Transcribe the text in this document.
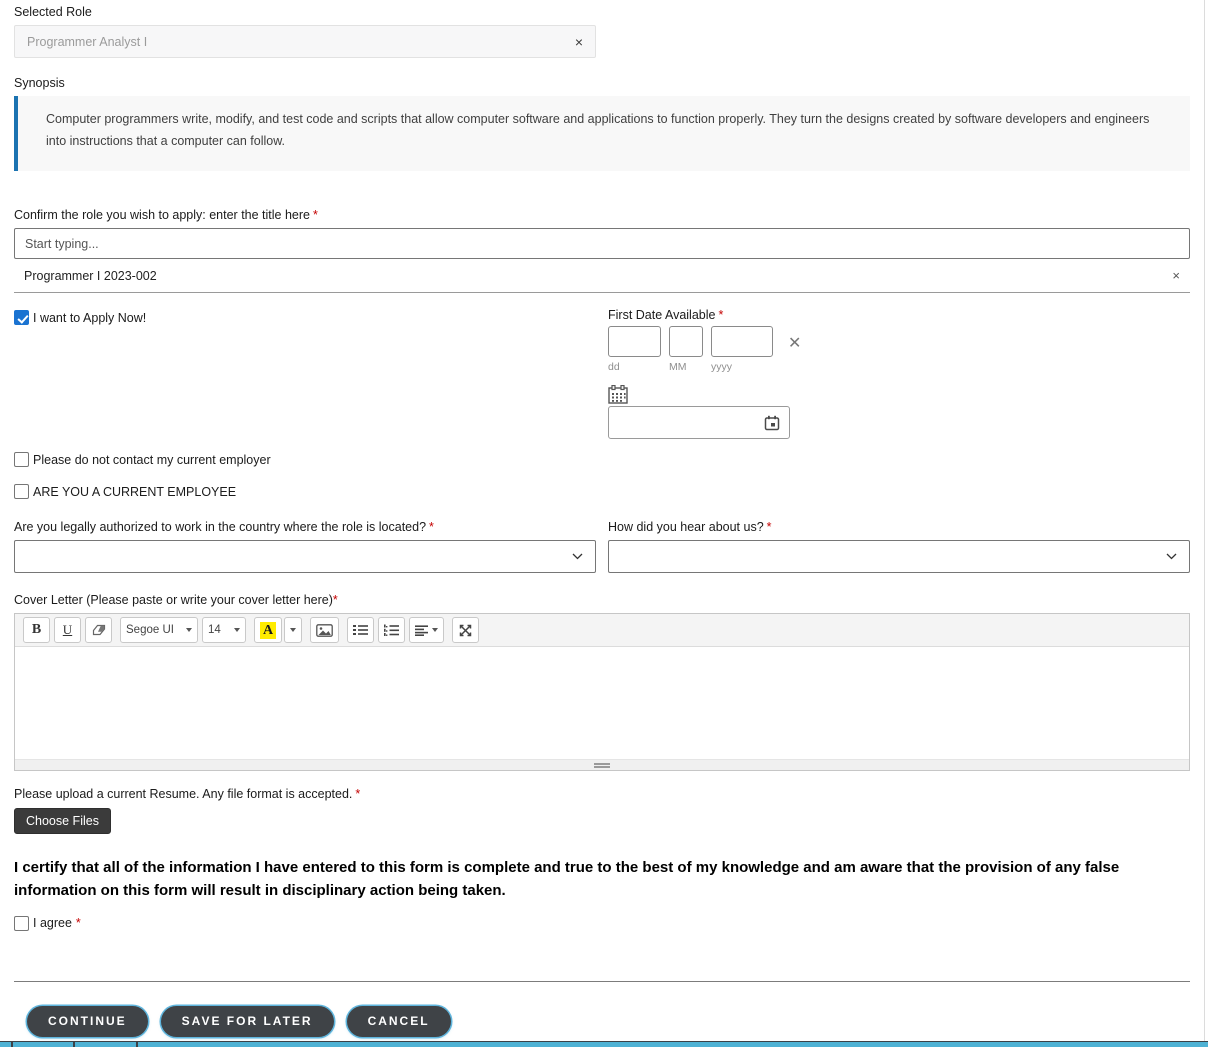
Selected Role
Programmer Analyst I	×
Synopsis
Computer programmers write, modify, and test code and scripts that allow computer software and applications to function properly. They turn the designs created by software developers and engineers into instructions that a computer can follow.
Confirm the role you wish to apply: enter the title here *
Start typing...
Programmer I 2023-002	×
I want to Apply Now!	First Date Available *
dd	MM	yyyy
✕
Please do not contact my current employer
ARE YOU A CURRENT EMPLOYEE
Are you legally authorized to work in the country where the role is located? *	How did you hear about us? *
Cover Letter (Please paste or write your cover letter here)*
B	U	Segoe UI	14	A
Please upload a current Resume. Any file format is accepted. *
Choose Files
I certify that all of the information I have entered to this form is complete and true to the best of my knowledge and am aware that the provision of any false information on this form will result in disciplinary action being taken.
I agree *
CONTINUE	SAVE FOR LATER	CANCEL
